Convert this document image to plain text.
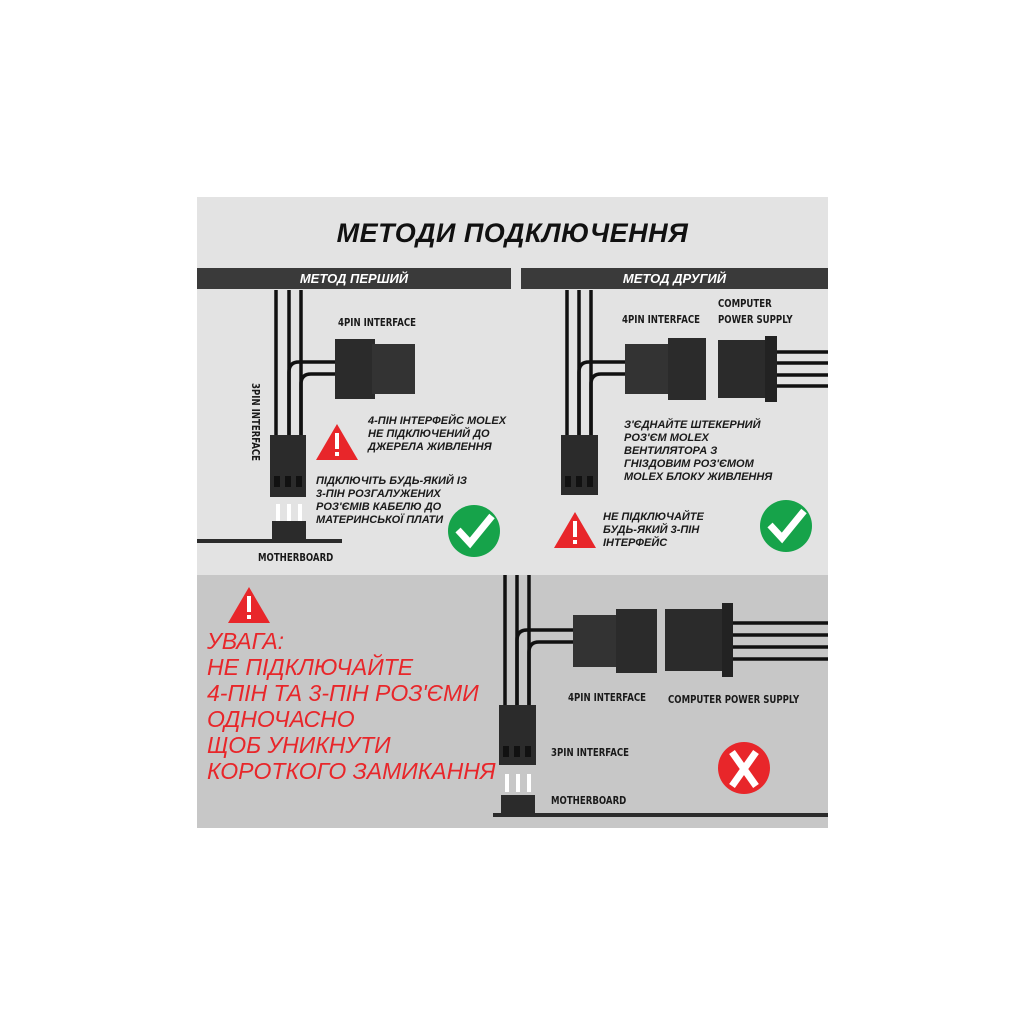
МЕТОДИ ПОДКЛЮЧЕННЯ
МЕТОД ПЕРШИЙ	МЕТОД ДРУГИЙ
4PIN INTERFACE
3PIN INTERFACE
MOTHERBOARD
4-ПІН ІНТЕРФЕЙС MOLEX
НЕ ПІДКЛЮЧЕНИЙ ДО
ДЖЕРЕЛА ЖИВЛЕННЯ
ПІДКЛЮЧІТЬ БУДЬ-ЯКИЙ ІЗ
3-ПІН РОЗГАЛУЖЕНИХ
РОЗ'ЄМІВ КАБЕЛЮ ДО
МАТЕРИНСЬКОЇ ПЛАТИ
4PIN INTERFACE
COMPUTER
POWER SUPPLY
З'ЄДНАЙТЕ ШТЕКЕРНИЙ
РОЗ'ЄМ MOLEX
ВЕНТИЛЯТОРА З
ГНІЗДОВИМ РОЗ'ЄМОМ
MOLEX БЛОКУ ЖИВЛЕННЯ
НЕ ПІДКЛЮЧАЙТЕ
БУДЬ-ЯКИЙ 3-ПІН
ІНТЕРФЕЙС
УВАГА:
НЕ ПІДКЛЮЧАЙТЕ
4-ПІН ТА 3-ПІН РОЗ'ЄМИ
ОДНОЧАСНО
ЩОБ УНИКНУТИ
КОРОТКОГО ЗАМИКАННЯ
4PIN INTERFACE COMPUTER POWER SUPPLY
3PIN INTERFACE
MOTHERBOARD
